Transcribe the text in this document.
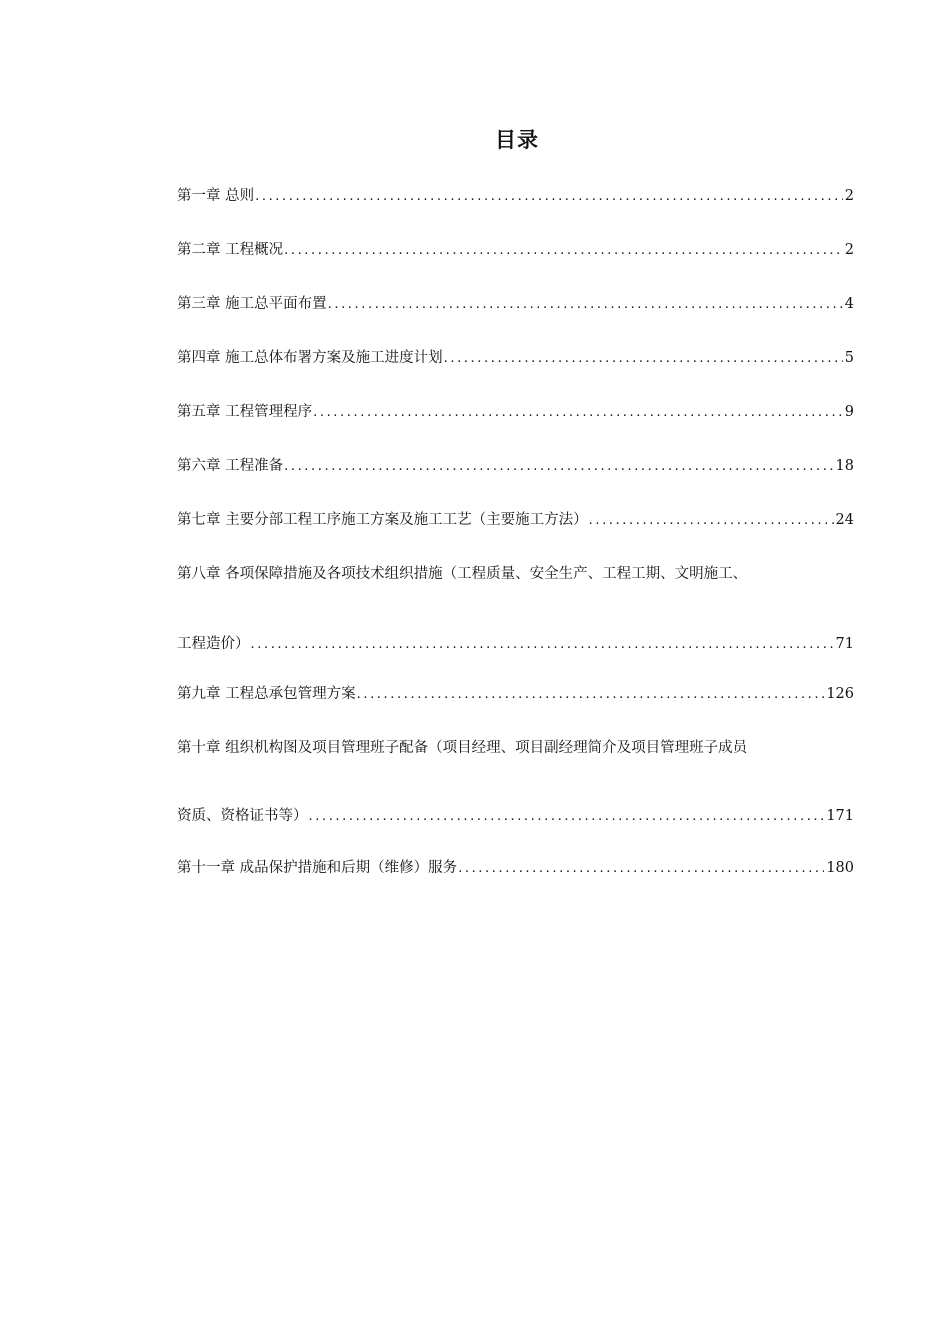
目录
第一章 总则 .....	2
第二章 工程概况 .....	2
第三章 施工总平面布置 .....	4
第四章 施工总体布署方案及施工进度计划 .....	5
第五章 工程管理程序 .....	9
第六章 工程准备 .....	18
第七章 主要分部工程工序施工方案及施工工艺（主要施工方法） .....	24
第八章 各项保障措施及各项技术组织措施（工程质量、安全生产、工程工期、文明施工、
工程造价） .....	71
第九章 工程总承包管理方案 .....	126
第十章 组织机构图及项目管理班子配备（项目经理、项目副经理简介及项目管理班子成员
资质、资格证书等） .....	171
第十一章 成品保护措施和后期（维修）服务 .....	180
